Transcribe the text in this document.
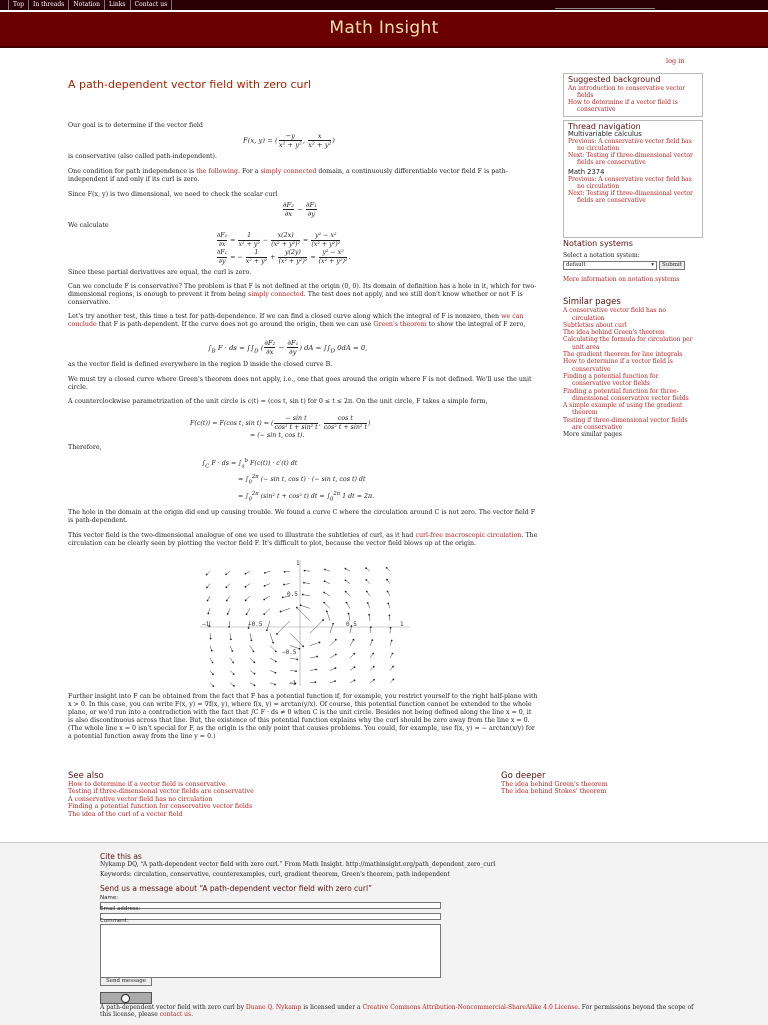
Top	In threads	Notation	Links	Contact us
Math Insight
log in
A path-dependent vector field with zero curl
Our goal is to determine if the vector field
F(x, y) = ( $\frac{-y}{\text{x² + y²}}$ , $\frac{x}{\text{x² + y²}}$ )
is conservative (also called path-independent).
One condition for path independence is the following. For a simply connected domain, a continuously differentiable vector field F is path-independent if and only if its curl is zero.
Since F(x, y) is two dimensional, we need to check the scalar curl
$\frac{\text{∂F₂}}{\partial x} - \frac{\text{∂F₁}}{\partial y}$
We calculate
$\frac{\text{∂F₂}}{\partial x} = \frac{1}{\text{x² + y²}} - \frac{x(2x)}{\text{(x² + y²)²}} = \frac{\text{y² − x²}}{\text{(x² + y²)²}}$
$\frac{\text{∂F₁}}{\partial y}$ = − $\frac{1}{\text{x² + y²}} + \frac{y(2y)}{\text{(x² + y²)²}} = \frac{\text{y² − x²}}{\text{(x² + y²)²}}$ .
Since these partial derivatives are equal, the curl is zero.
Can we conclude F is conservative? The problem is that F is not defined at the origin (0, 0). Its domain of definition has a hole in it, which for two-dimensional regions, is enough to prevent it from being simply connected. The test does not apply, and we still don't know whether or not F is conservative.
Let's try another test, this time a test for path-dependence. If we can find a closed curve along which the integral of F is nonzero, then we can conclude that F is path-dependent. If the curve does not go around the origin, then we can use Green's theorem to show the integral of F zero,
$\int_B$ F · ds = $\int\int_D$ ( $\frac{\text{∂F₂}}{\partial x} - \frac{\text{∂F₁}}{\partial y}$ ) dA = $\int\int_D$ 0dA = 0,
as the vector field is defined everywhere in the region D inside the closed curve B.
We must try a closed curve where Green's theorem does not apply, i.e., one that goes around the origin where F is not defined. We'll use the unit circle.
A counterclockwise parametrization of the unit circle is c(t) = (cos t, sin t) for 0 ≤ t ≤ 2π. On the unit circle, F takes a simple form,
F(c(t)) = F(cos t, sin t) = ( $\frac{\text{− sin t}}{\text{cos² t + sin² t}}$ , $\frac{\text{cos t}}{\text{cos² t + sin² t}}$ )
= (− sin t, cos t).
Therefore,
$\int_C$ F · ds = $\int_a^b$ F(c(t)) · c′(t) dt
= $\int_0^{2\pi}$ (− sin t, cos t) · (− sin t, cos t) dt
= $\int_0^{2\pi}$ (sin² t + cos² t) dt = $\int_0^{2\pi}$ 1 dt = 2π.
The hole in the domain at the origin did end up causing trouble. We found a curve C where the circulation around C is not zero. The vector field F is path-dependent.
This vector field is the two-dimensional analogue of one we used to illustrate the subtleties of curl, as it had curl-free macroscopic circulation. The circulation can be clearly seen by plotting the vector field F. It's difficult to plot, because the vector field blows up at the origin.
−1	−0.5	0.5	1
1
0.5
−0.5
−1
Further insight into F can be obtained from the fact that F has a potential function if, for example, you restrict yourself to the right half-plane with x > 0. In this case, you can write F(x, y) = ∇f(x, y), where f(x, y) = arctan(y/x). Of course, this potential function cannot be extended to the whole plane, or we'd run into a contradiction with the fact that ∫C F · ds ≠ 0 when C is the unit circle. Besides not being defined along the line x = 0, it is also discontinuous across that line. But, the existence of this potential function explains why the curl should be zero away from the line x = 0. (The whole line x = 0 isn't special for F, as the origin is the only point that causes problems. You could, for example, use f(x, y) = − arctan(x/y) for a potential function away from the line y = 0.)
See also
How to determine if a vector field is conservative
Testing if three-dimensional vector fields are conservative
A conservative vector field has no circulation
Finding a potential function for conservative vector fields
The idea of the curl of a vector field
Go deeper
The idea behind Green's theorem
The idea behind Stokes' theorem
Suggested background
An introduction to conservative vector fields
How to determine if a vector field is conservative
Thread navigation
Multivariable calculus
Previous: A conservative vector field has no circulation
Next: Testing if three-dimensional vector fields are conservative
Math 2374
Previous: A conservative vector field has no circulation
Next: Testing if three-dimensional vector fields are conservative
Notation systems
Select a notation system:
default	▾	Submit
More information on notation systems
Similar pages
A conservative vector field has no circulation
Subtleties about curl
The idea behind Green's theorem
Calculating the formula for circulation per unit area
The gradient theorem for line integrals
How to determine if a vector field is conservative
Finding a potential function for conservative vector fields
Finding a potential function for three-dimensional conservative vector fields
A simple example of using the gradient theorem
Testing if three-dimensional vector fields are conservative
More similar pages
Cite this as
Nykamp DQ, “A path-dependent vector field with zero curl.” From Math Insight. http://mathinsight.org/path_dependent_zero_curl
Keywords: circulation, conservative, counterexamples, curl, gradient theorem, Green's theorem, path independent
Send us a message about “A path-dependent vector field with zero curl”
Name:
Email address:
Comment:
Send message
A path-dependent vector field with zero curl by Duane Q. Nykamp is licensed under a Creative Commons Attribution-Noncommercial-ShareAlike 4.0 License. For permissions beyond the scope of this license, please contact us.
